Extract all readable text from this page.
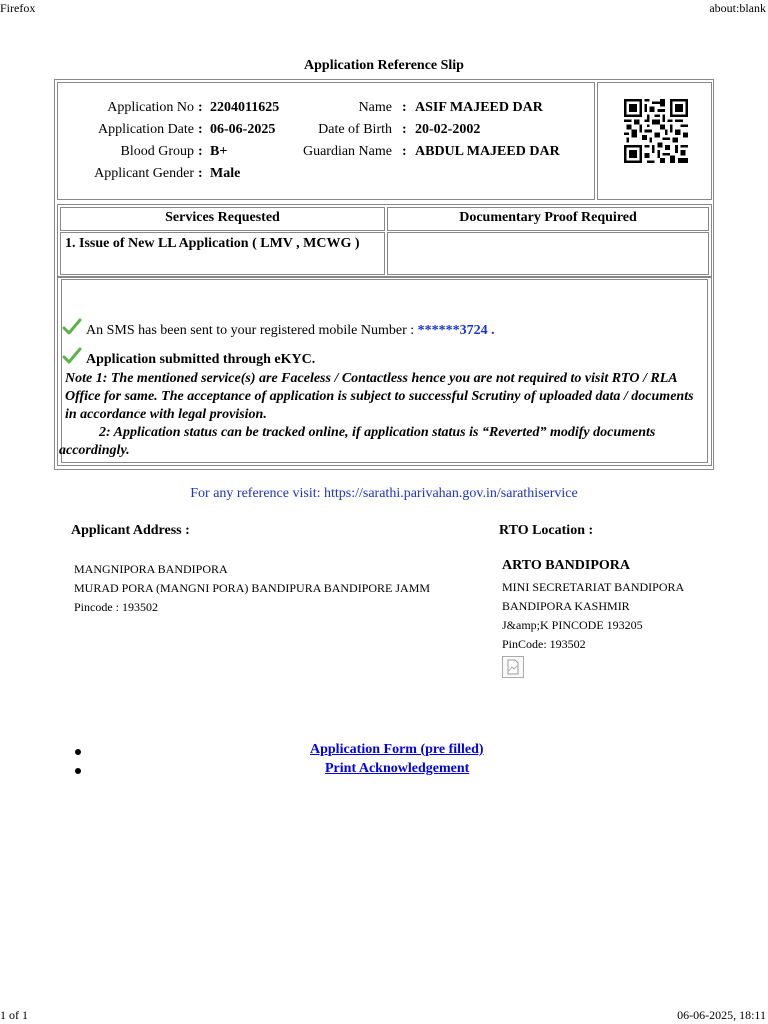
Firefox	about:blank
1 of 1	06-06-2025, 18:11
Application Reference Slip
Application No : 2204011625
Application Date : 06-06-2025
Blood Group : B+
Applicant Gender : Male
Name : ASIF MAJEED DAR
Date of Birth : 20-02-2002
Guardian Name : ABDUL MAJEED DAR
Services Requested	Documentary Proof Required
1. Issue of New LL Application ( LMV , MCWG )
An SMS has been sent to your registered mobile Number : ******3724 .
Application submitted through eKYC.
Note 1: The mentioned service(s) are Faceless / Contactless hence you are not required to visit RTO / RLA Office for same. The acceptance of application is subject to successful Scrutiny of uploaded data / documents in accordance with legal provision.
2: Application status can be tracked online, if application status is “Reverted” modify documents accordingly.
For any reference visit: https://sarathi.parivahan.gov.in/sarathiservice
Applicant Address :
MANGNIPORA BANDIPORA
MURAD PORA (MANGNI PORA) BANDIPURA BANDIPORE JAMM
Pincode : 193502
RTO Location :
ARTO BANDIPORA
MINI SECRETARIAT BANDIPORA
BANDIPORA KASHMIR
J&amp;K PINCODE 193205
PinCode: 193502
Application Form (pre filled)
Print Acknowledgement
